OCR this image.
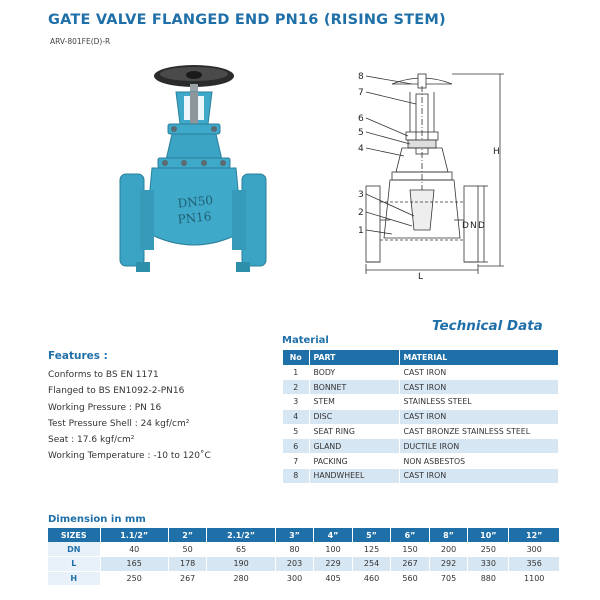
GATE VALVE FLANGED END PN16 (RISING STEM)
ARV-801FE(D)-R
DN50
PN16
8
7
6
5
4
3
2
1
H
D N D
L
Technical Data
Features :
Conforms to BS EN 1171
Flanged to BS EN1092-2-PN16
Working Pressure : PN 16
Test Pressure Shell : 24 kgf/cm²
Seat : 17.6 kgf/cm²
Working Temperature : -10 to 120˚C
Material
No	PART	MATERIAL
1	BODY	CAST IRON
2	BONNET	CAST IRON
3	STEM	STAINLESS STEEL
4	DISC	CAST IRON
5	SEAT RING	CAST BRONZE STAINLESS STEEL
6	GLAND	DUCTILE IRON
7	PACKING	NON ASBESTOS
8	HANDWHEEL	CAST IRON
Dimension in mm
SIZES	1.1/2”	2”	2.1/2”	3”	4”	5”	6”	8”	10”	12”
DN	40	50	65	80	100	125	150	200	250	300
L	165	178	190	203	229	254	267	292	330	356
H	250	267	280	300	405	460	560	705	880	1100
